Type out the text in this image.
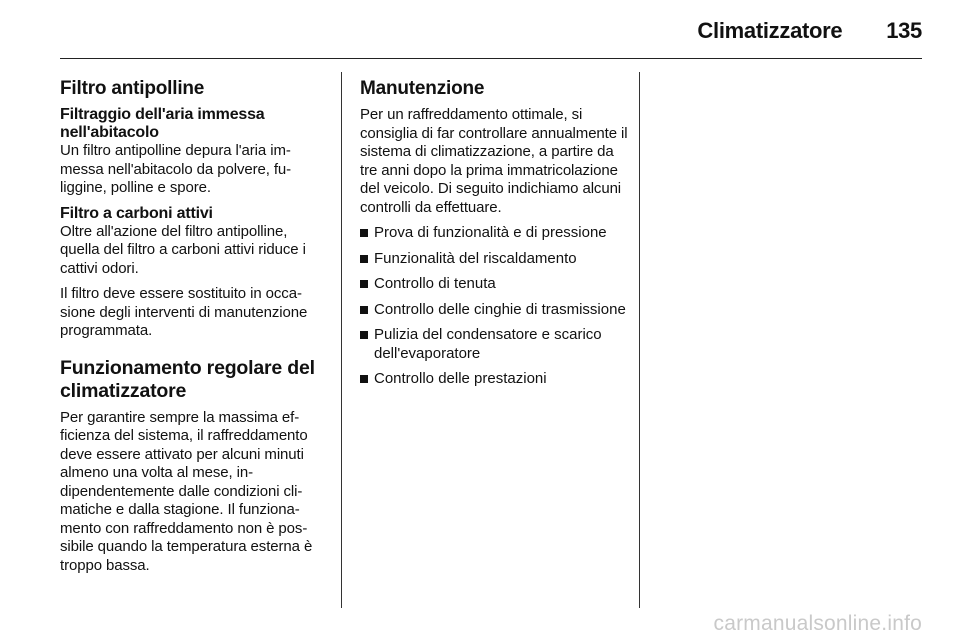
Climatizzatore 135
Filtro antipolline
Filtraggio dell'aria immessa nell'abitacolo

Un filtro antipolline depura l'aria immessa nell'abitacolo da polvere, fuliggine, polline e spore.

Filtro a carboni attivi

Oltre all'azione del filtro antipolline, quella del filtro a carboni attivi riduce i cattivi odori.

Il filtro deve essere sostituito in occasione degli interventi di manutenzione programmata.

Funzionamento regolare del climatizzatore

Per garantire sempre la massima efficienza del sistema, il raffreddamento deve essere attivato per alcuni minuti almeno una volta al mese, indipendentemente dalle condizioni climatiche e dalla stagione. Il funzionamento con raffreddamento non è possibile quando la temperatura esterna è troppo bassa.

Manutenzione

Per un raffreddamento ottimale, si consiglia di far controllare annualmente il sistema di climatizzazione, a partire da tre anni dopo la prima immatricolazione del veicolo. Di seguito indichiamo alcuni controlli da effettuare.

Prova di funzionalità e di pressione
Funzionalità del riscaldamento
Controllo di tenuta
Controllo delle cinghie di trasmissione
Pulizia del condensatore e scarico dell'evaporatore
Controllo delle prestazioni
carmanualsonline.info
